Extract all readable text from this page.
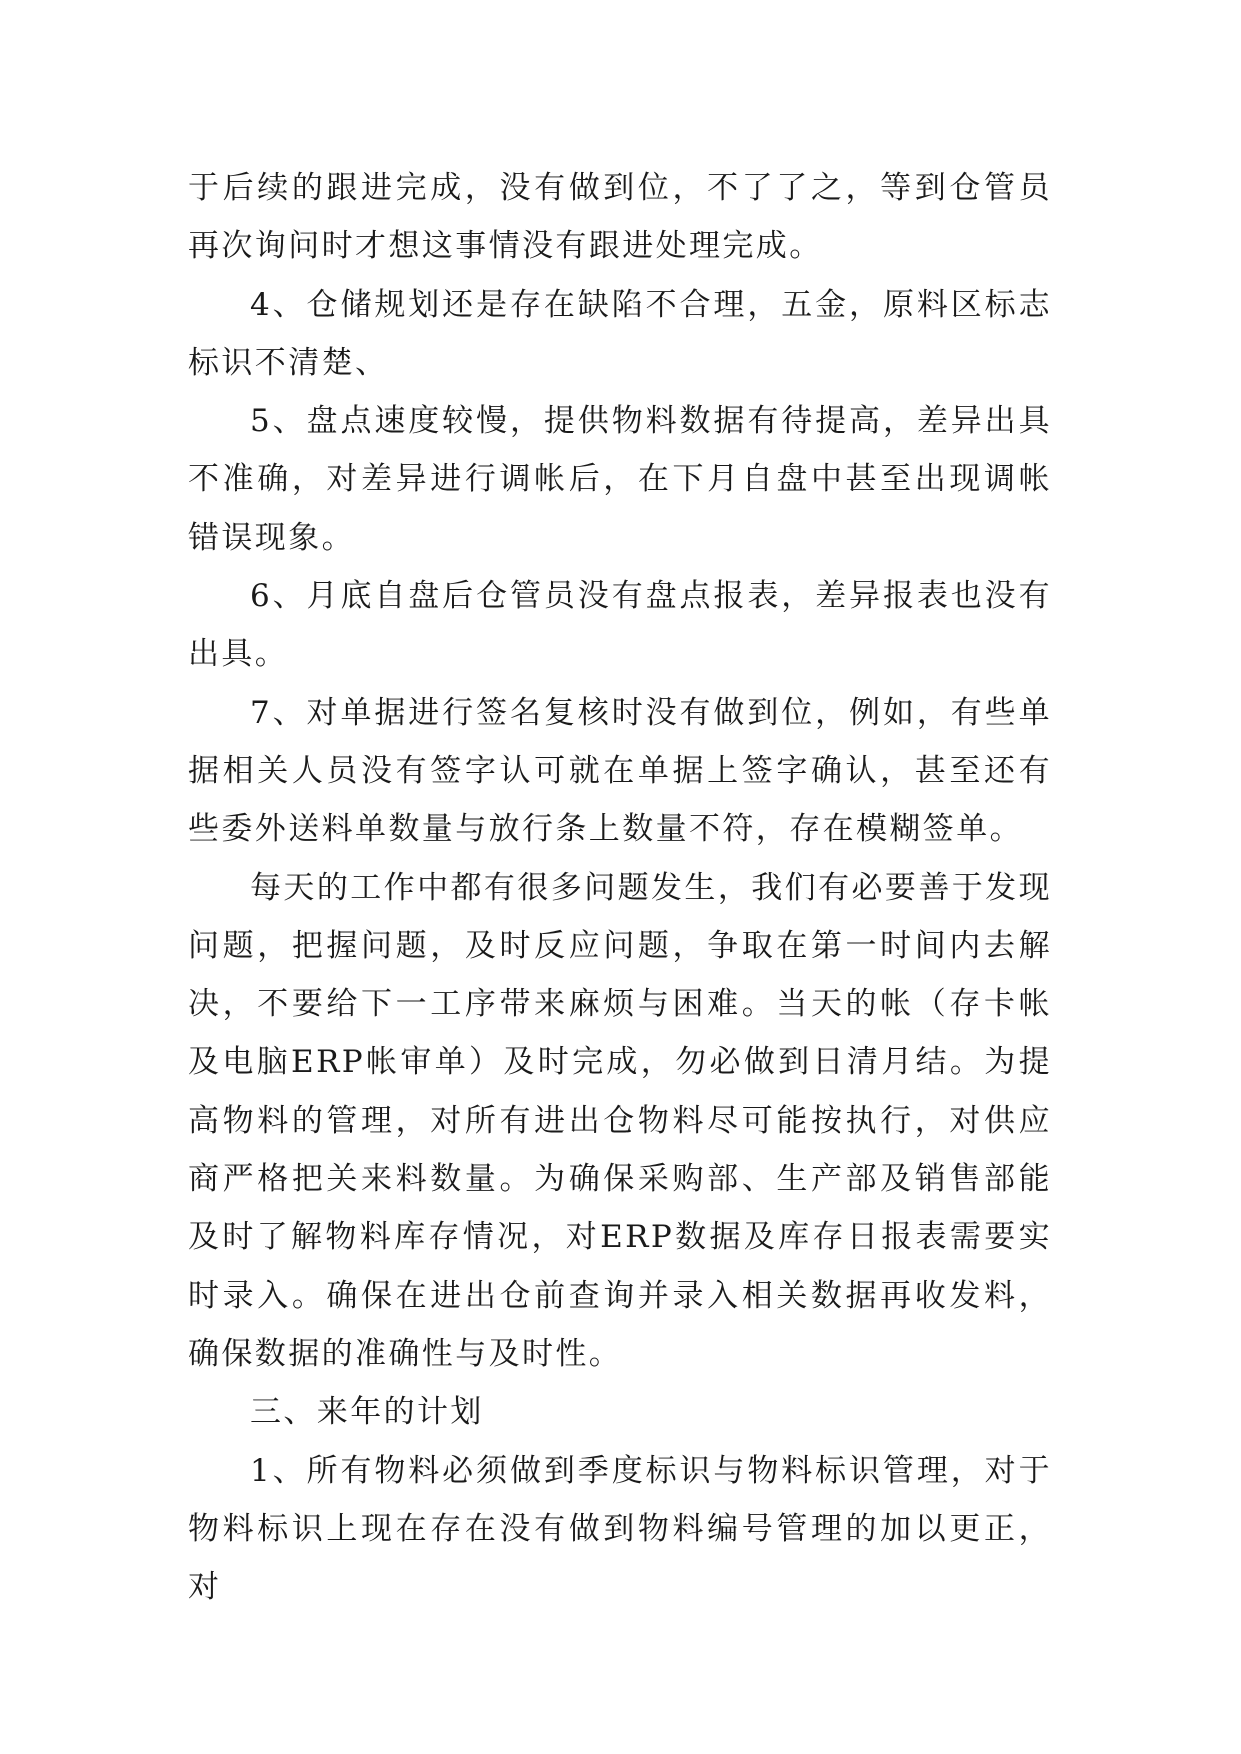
于后续的跟进完成，没有做到位，不了了之，等到仓管员再次询问时才想这事情没有跟进处理完成。

4、仓储规划还是存在缺陷不合理，五金，原料区标志标识不清楚、

5、盘点速度较慢，提供物料数据有待提高，差异出具不准确，对差异进行调帐后，在下月自盘中甚至出现调帐错误现象。

6、月底自盘后仓管员没有盘点报表，差异报表也没有出具。

7、对单据进行签名复核时没有做到位，例如，有些单据相关人员没有签字认可就在单据上签字确认，甚至还有些委外送料单数量与放行条上数量不符，存在模糊签单。

每天的工作中都有很多问题发生，我们有必要善于发现问题，把握问题，及时反应问题，争取在第一时间内去解决，不要给下一工序带来麻烦与困难。当天的帐（存卡帐及电脑ERP帐审单）及时完成，勿必做到日清月结。为提高物料的管理，对所有进出仓物料尽可能按执行，对供应商严格把关来料数量。为确保采购部、生产部及销售部能及时了解物料库存情况，对ERP数据及库存日报表需要实时录入。确保在进出仓前查询并录入相关数据再收发料，确保数据的准确性与及时性。

三、来年的计划

1、所有物料必须做到季度标识与物料标识管理，对于物料标识上现在存在没有做到物料编号管理的加以更正，对
